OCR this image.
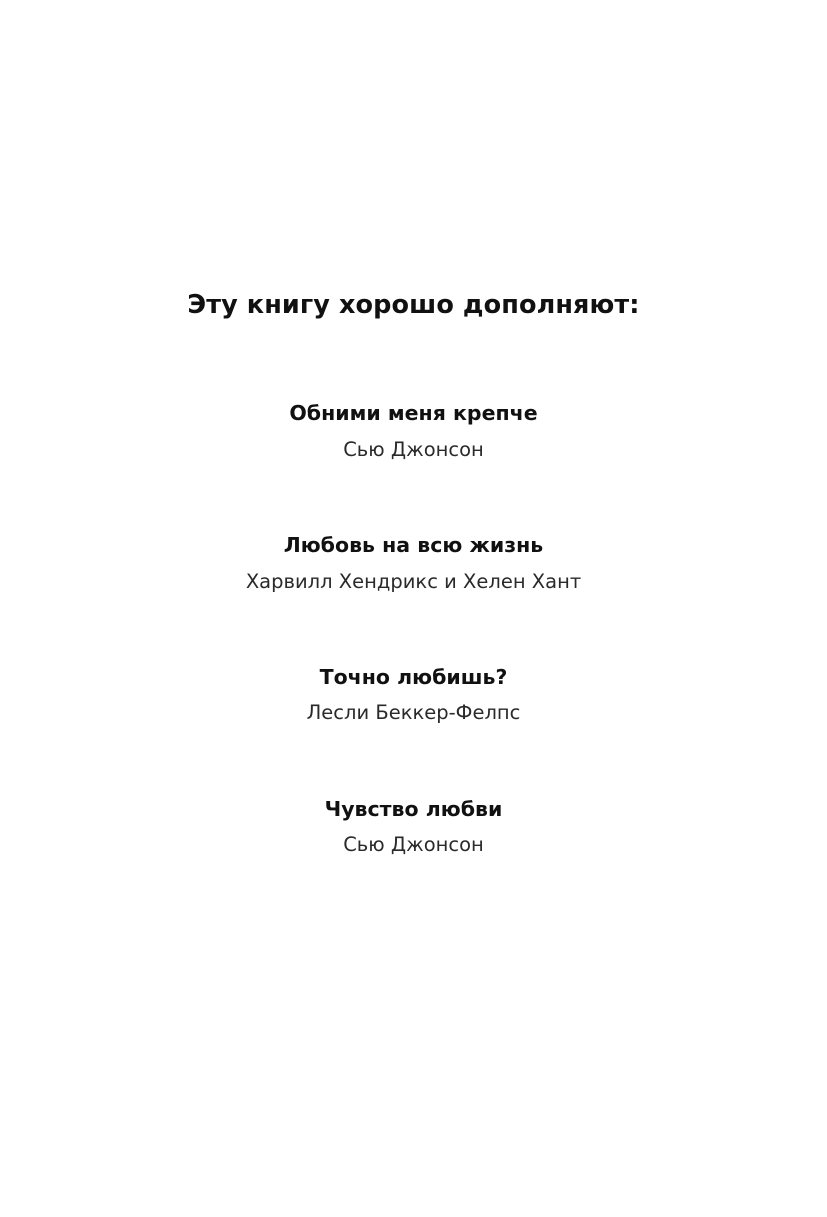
Эту книгу хорошо дополняют:
Обними меня крепче
Сью Джонсон
Любовь на всю жизнь
Харвилл Хендрикс и Хелен Хант
Точно любишь?
Лесли Беккер-Фелпс
Чувство любви
Сью Джонсон
